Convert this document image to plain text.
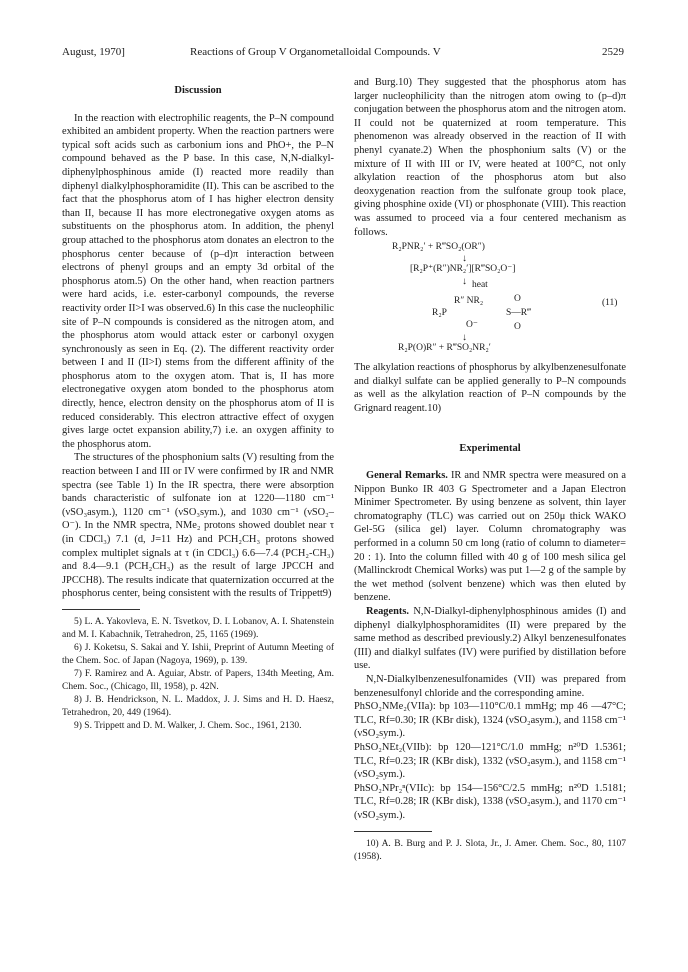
August, 1970]	Reactions of Group V Organometalloidal Compounds. V	2529
Discussion

In the reaction with electrophilic reagents, the P–N compound exhibited an ambident property. When the reaction partners were typical soft acids such as carbonium ions and PhO+, the P–N compound behaved as the P base. In this case, N,N-dialkyl-diphenylphosphinous amide (I) reacted more readily than diphenyl dialkylphosphoramidite (II). This can be ascribed to the fact that the phosphorus atom of I has higher electron density than II, because II has more electronegative oxygen atoms as substituents on the phosphorus atom. In addition, the phenyl group attached to the phosphorus atom donates an electron to the phosphorus center because of (p–d)π interaction between electrons of phenyl groups and an empty 3d orbital of the phosphorus atom.5) On the other hand, when reaction partners were hard acids, i.e. ester-carbonyl compounds, the reverse reactivity order II>I was observed.6) In this case the nucleophilic site of P–N compounds is considered as the nitrogen atom, and the phosphorus atom would attack ester or carbonyl oxygen synchronously as seen in Eq. (2). The different reactivity order between I and II (II>I) stems from the different affinity of the phosphorus atom to the oxygen atom. That is, II has more electronegative oxygen atom bonded to the phosphorus atom directly, hence, electron density on the phosphorus atom of II is reduced considerably. This electron attractive effect of oxygen gives large octet expansion ability,7) i.e. an oxygen affinity to the phosphorus atom.

The structures of the phosphonium salts (V) resulting from the reaction between I and III or IV were confirmed by IR and NMR spectra (see Table 1) In the IR spectra, there were absorption bands characteristic of sulfonate ion at 1220—1180 cm⁻¹ (νSO₃asym.), 1120 cm⁻¹ (νSO₃sym.), and 1030 cm⁻¹ (νSO₂–O⁻). In the NMR spectra, NMe₂ protons showed doublet near τ (in CDCl₃) 7.1 (d, J=11 Hz) and PCH₂CH₃ protons showed complex multiplet signals at τ (in CDCl₃) 6.6—7.4 (PCH₂-CH₃) and 8.4—9.1 (PCH₂CH₃) as the result of large JPCCH and JPCCH8). The results indicate that quaternization occurred at the phosphorus center, being consistent with the results of Trippett9)

5) L. A. Yakovleva, E. N. Tsvetkov, D. I. Lobanov, A. I. Shatenstein and M. I. Kabachnik, Tetrahedron, 25, 1165 (1969).

6) J. Koketsu, S. Sakai and Y. Ishii, Preprint of Autumn Meeting of the Chem. Soc. of Japan (Nagoya, 1969), p. 139.

7) F. Ramirez and A. Aguiar, Abstr. of Papers, 134th Meeting, Am. Chem. Soc., (Chicago, Ill, 1958), p. 42N.

8) J. B. Hendrickson, N. L. Maddox, J. J. Sims and H. D. Haesz, Tetrahedron, 20, 449 (1964).

9) S. Trippett and D. M. Walker, J. Chem. Soc., 1961, 2130.

and Burg.10) They suggested that the phosphorus atom has larger nucleophilicity than the nitrogen atom owing to (p–d)π conjugation between the phosphorus atom and the nitrogen atom. II could not be quaternized at room temperature. This phenomenon was already observed in the reaction of II with phenyl cyanate.2) When the phosphonium salts (V) or the mixture of II with III or IV, were heated at 100°C, not only alkylation reaction of the phosphorus atom but also deoxygenation reaction from the sulfonate group took place, giving phosphine oxide (VI) or phosphonate (VIII). This reaction was assumed to proceed via a four centered mechanism as follows.

R₂PNR₂′ + R‴SO₂(OR″)
↓
[R₂P⁺(R″)NR₂′][R‴SO₂O⁻]
↓ heat
R″ NR₂	O
R₂P	S—R‴
(11)
O⁻	O
↓
R₂P(O)R″ + R‴SO₂NR₂′

The alkylation reactions of phosphorus by alkylbenzenesulfonate and dialkyl sulfate can be applied generally to P–N compounds as well as the alkylation reaction of P–N compounds by the Grignard reagent.10)

Experimental

General Remarks. IR and NMR spectra were measured on a Nippon Bunko IR 403 G Spectrometer and a Japan Electron Minimer Spectrometer. By using benzene as solvent, thin layer chromatography (TLC) was carried out on 250μ thick WAKO Gel-5G (silica gel) layer. Column chromatography was performed in a column 50 cm long (ratio of column to diameter= 20 : 1). Into the column filled with 40 g of 100 mesh silica gel (Mallinckrodt Chemical Works) was put 1—2 g of the sample by the wet method (solvent benzene) which was then eluted by benzene.

Reagents. N,N-Dialkyl-diphenylphosphinous amides (I) and diphenyl dialkylphosphoramidites (II) were prepared by the same method as described previously.2) Alkyl benzenesulfonates (III) and dialkyl sulfates (IV) were purified by distillation before use.

N,N-Dialkylbenzenesulfonamides (VII) was prepared from benzenesulfonyl chloride and the corresponding amine.

PhSO₂NMe₂(VIIa): bp 103—110°C/0.1 mmHg; mp 46 —47°C; TLC, Rf=0.30; IR (KBr disk), 1324 (νSO₂asym.), and 1158 cm⁻¹ (νSO₂sym.).

PhSO₂NEt₂(VIIb): bp 120—121°C/1.0 mmHg; n²⁰D 1.5361; TLC, Rf=0.23; IR (KBr disk), 1332 (νSO₂asym.), and 1158 cm⁻¹ (νSO₂sym.).

PhSO₂NPr₂ⁿ(VIIc): bp 154—156°C/2.5 mmHg; n²⁰D 1.5181; TLC, Rf=0.28; IR (KBr disk), 1338 (νSO₂asym.), and 1170 cm⁻¹ (νSO₂sym.).

10) A. B. Burg and P. J. Slota, Jr., J. Amer. Chem. Soc., 80, 1107 (1958).
